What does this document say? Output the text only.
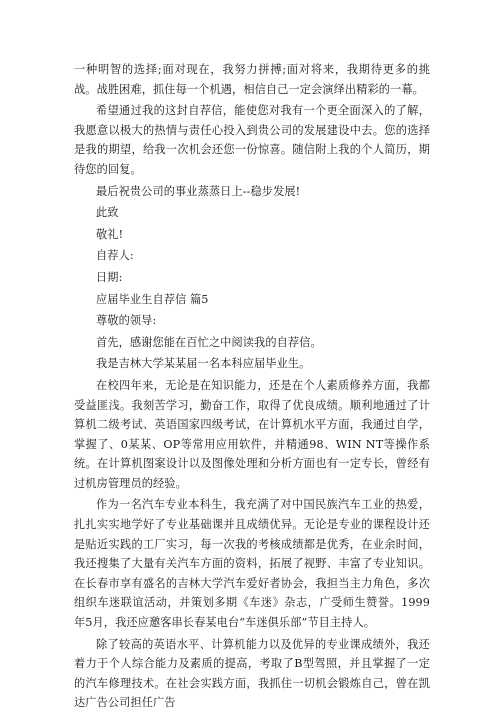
一种明智的选择;面对现在，我努力拼搏;面对将来，我期待更多的挑战。战胜困难，抓住每一个机遇，相信自己一定会演绎出精彩的一幕。

希望通过我的这封自荐信，能使您对我有一个更全面深入的了解，我愿意以极大的热情与责任心投入到贵公司的发展建设中去。您的选择是我的期望，给我一次机会还您一份惊喜。随信附上我的个人简历，期待您的回复。

最后祝贵公司的事业蒸蒸日上--稳步发展!

此致

敬礼!

自荐人:

日期:

应届毕业生自荐信 篇5

尊敬的领导:

首先，感谢您能在百忙之中阅读我的自荐信。

我是吉林大学某某届一名本科应届毕业生。

在校四年来，无论是在知识能力，还是在个人素质修养方面，我都受益匪浅。我刻苦学习，勤奋工作，取得了优良成绩。顺利地通过了计算机二级考试、英语国家四级考试，在计算机水平方面，我通过自学，掌握了、0某某、OP等常用应用软件，并精通98、WIN NT等操作系统。在计算机图案设计以及图像处理和分析方面也有一定专长，曾经有过机房管理员的经验。

作为一名汽车专业本科生，我充满了对中国民族汽车工业的热爱，扎扎实实地学好了专业基础课并且成绩优异。无论是专业的课程设计还是贴近实践的工厂实习，每一次我的考核成绩都是优秀，在业余时间，我还搜集了大量有关汽车方面的资料，拓展了视野、丰富了专业知识。在长春市享有盛名的吉林大学汽车爱好者协会，我担当主力角色，多次组织车迷联谊活动，并策划多期《车迷》杂志，广受师生赞誉。1999年5月，我还应邀客串长春某电台“车迷俱乐部”节目主持人。

除了较高的英语水平、计算机能力以及优异的专业课成绩外，我还着力于个人综合能力及素质的提高，考取了B型驾照，并且掌握了一定的汽车修理技术。在社会实践方面，我抓住一切机会锻炼自己，曾在凯达广告公司担任广告
